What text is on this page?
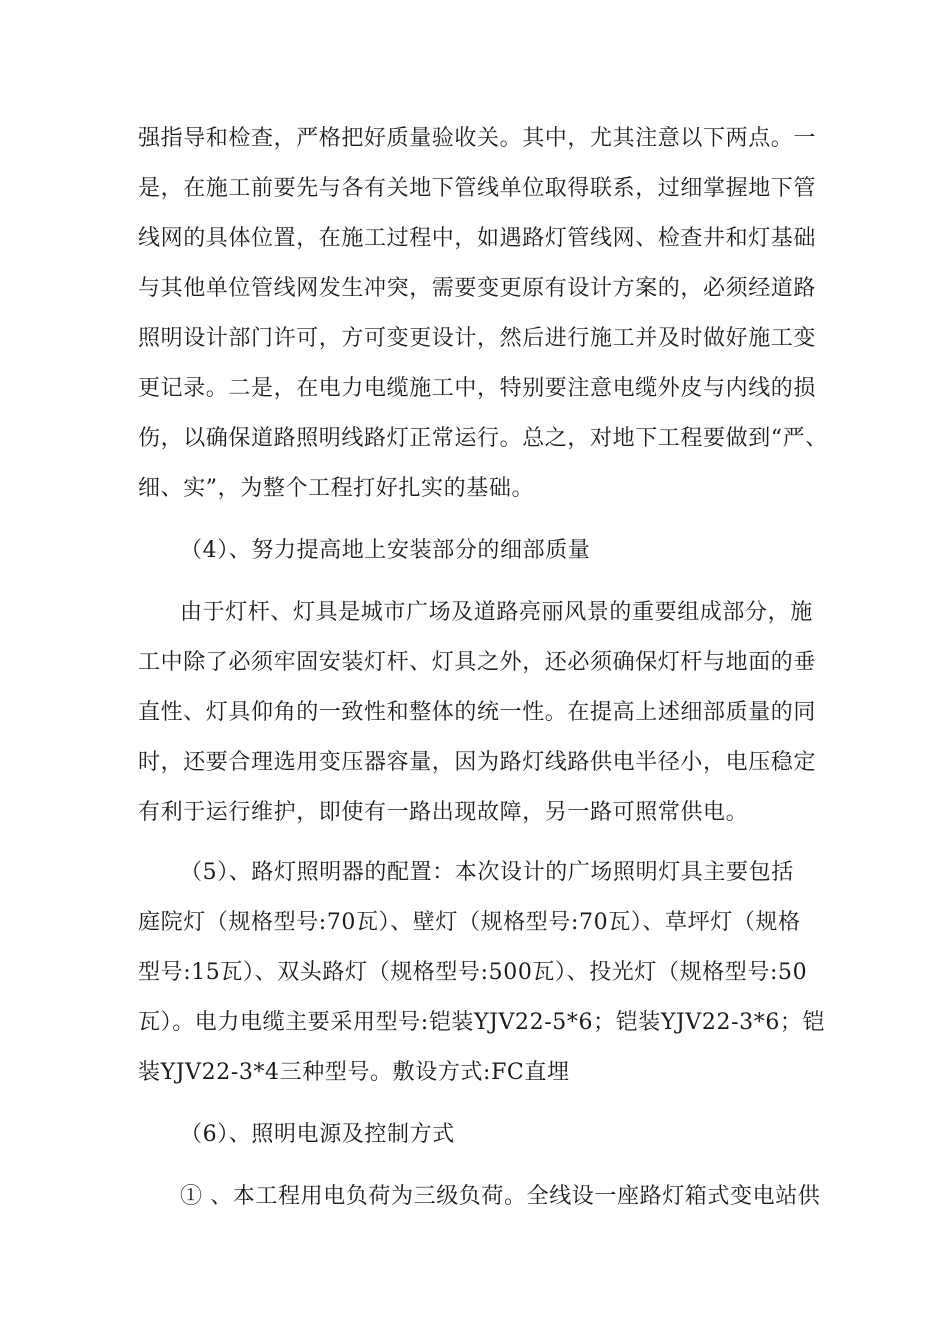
强指导和检查，严格把好质量验收关。其中，尤其注意以下两点。一
是，在施工前要先与各有关地下管线单位取得联系，过细掌握地下管
线网的具体位置，在施工过程中，如遇路灯管线网、检查井和灯基础
与其他单位管线网发生冲突，需要变更原有设计方案的，必须经道路
照明设计部门许可，方可变更设计，然后进行施工并及时做好施工变
更记录。二是，在电力电缆施工中，特别要注意电缆外皮与内线的损
伤，以确保道路照明线路灯正常运行。总之，对地下工程要做到“严、
细、实”，为整个工程打好扎实的基础。
（4）、努力提高地上安装部分的细部质量
由于灯杆、灯具是城市广场及道路亮丽风景的重要组成部分，施
工中除了必须牢固安装灯杆、灯具之外，还必须确保灯杆与地面的垂
直性、灯具仰角的一致性和整体的统一性。在提高上述细部质量的同
时，还要合理选用变压器容量，因为路灯线路供电半径小，电压稳定
有利于运行维护，即使有一路出现故障，另一路可照常供电。
（5）、路灯照明器的配置：本次设计的广场照明灯具主要包括
庭院灯（规格型号:70瓦）、壁灯（规格型号:70瓦）、草坪灯（规格
型号:15瓦）、双头路灯（规格型号:500瓦）、投光灯（规格型号:50
瓦）。电力电缆主要采用型号:铠装YJV22-5*6；铠装YJV22-3*6；铠
装YJV22-3*4三种型号。敷设方式:FC直埋
（6）、照明电源及控制方式
① 、本工程用电负荷为三级负荷。全线设一座路灯箱式变电站供
